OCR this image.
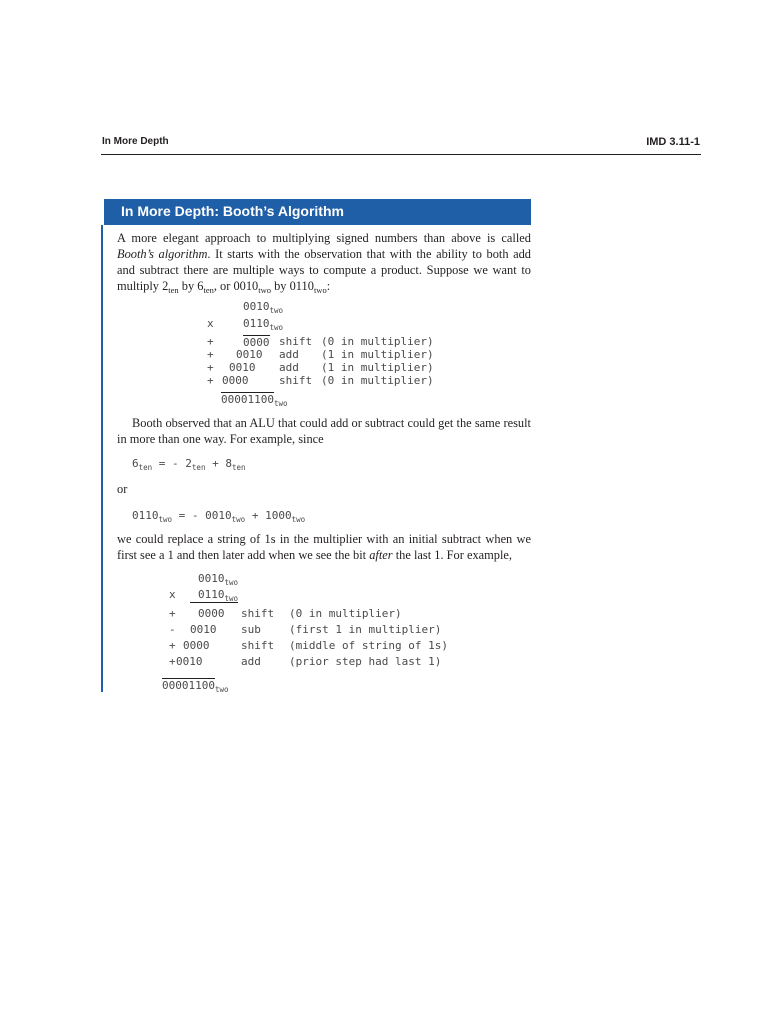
In More Depth	IMD 3.11-1
In More Depth: Booth’s Algorithm

A more elegant approach to multiplying signed numbers than above is called Booth’s algorithm. It starts with the observation that with the ability to both add and subtract there are multiple ways to compute a product. Suppose we want to multiply $2_{ten}$ by $6_{ten}$, or $0010_{two}$ by $0110_{two}$:

$0010_{two}$
x	$0110_{two}$
+	0000 shift (0 in multiplier)
+ 0010 add (1 in multiplier)
+ 0010 add (1 in multiplier)
+ 0000	shift (0 in multiplier)
$00001100_{two}$

Booth observed that an ALU that could add or subtract could get the same result in more than one way. For example, since

$6_{ten}$ = - $2_{ten} + 8_{ten}$
or
$0110_{two}$ = - $0010_{two} + 1000_{two}$

we could replace a string of 1s in the multiplier with an initial subtract when we first see a 1 and then later add when we see the bit after the last 1. For example,

$0010_{two}$
x	$0110_{two}$
+ 0000 shift (0 in multiplier)
- 0010 sub	(first 1 in multiplier)
+ 0000	shift (middle of string of 1s)
+ 0010	add	(prior step had last 1)
$00001100_{two}$
